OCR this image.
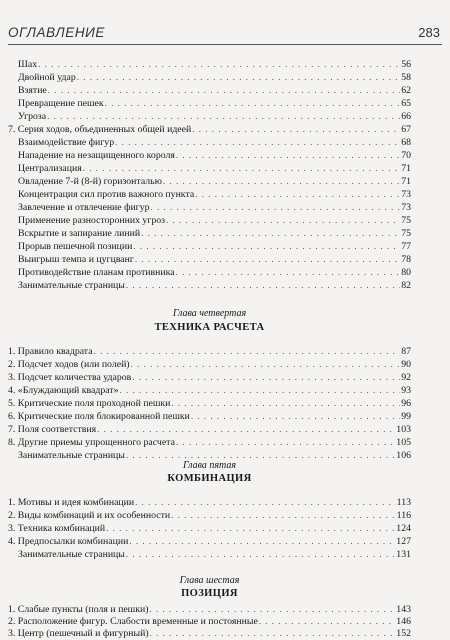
ОГЛАВЛЕНИЕ	283
Шах . . .	56
Двойной удар . . .	58
Взятие . . .	62
Превращение пешек . . .	65
Угроза . . .	66
7. Серия ходов, объединенных общей идеей . . .	67
Взаимодействие фигур . . .	68
Нападение на незащищенного короля . . .	70
Централизация . . .	71
Овладение 7-й (8-й) горизонталью . . .	71
Концентрация сил против важного пункта . . .	73
Завлечение и отвлечение фигур . . .	73
Применение разносторонних угроз . . .	75
Вскрытие и запирание линий . . .	75
Прорыв пешечной позиции . . .	77
Выигрыш темпа и цугцванг . . .	78
Противодействие планам противника . . .	80
Занимательные страницы . . .	82
Глава четвертая
ТЕХНИКА РАСЧЕТА
1. Правило квадрата . . .	87
2. Подсчет ходов (или полей) . . .	90
3. Подсчет количества ударов . . .	92
4. «Блуждающий квадрат» . . .	93
5. Критические поля проходной пешки . . .	96
6. Критические поля блокированной пешки . . .	99
7. Поля соответствия . . .	103
8. Другие приемы упрощенного расчета . . .	105
Занимательные страницы . . .	106
Глава пятая
КОМБИНАЦИЯ
1. Мотивы и идея комбинации . . .	113
2. Виды комбинаций и их особенности . . .	116
3. Техника комбинаций . . .	124
4. Предпосылки комбинации . . .	127
Занимательные страницы . . .	131
Глава шестая
ПОЗИЦИЯ
1. Слабые пункты (поля и пешки) . . .	143
2. Расположение фигур. Слабости временные и постоянные . . .	146
3. Центр (пешечный и фигурный) . . .	152
